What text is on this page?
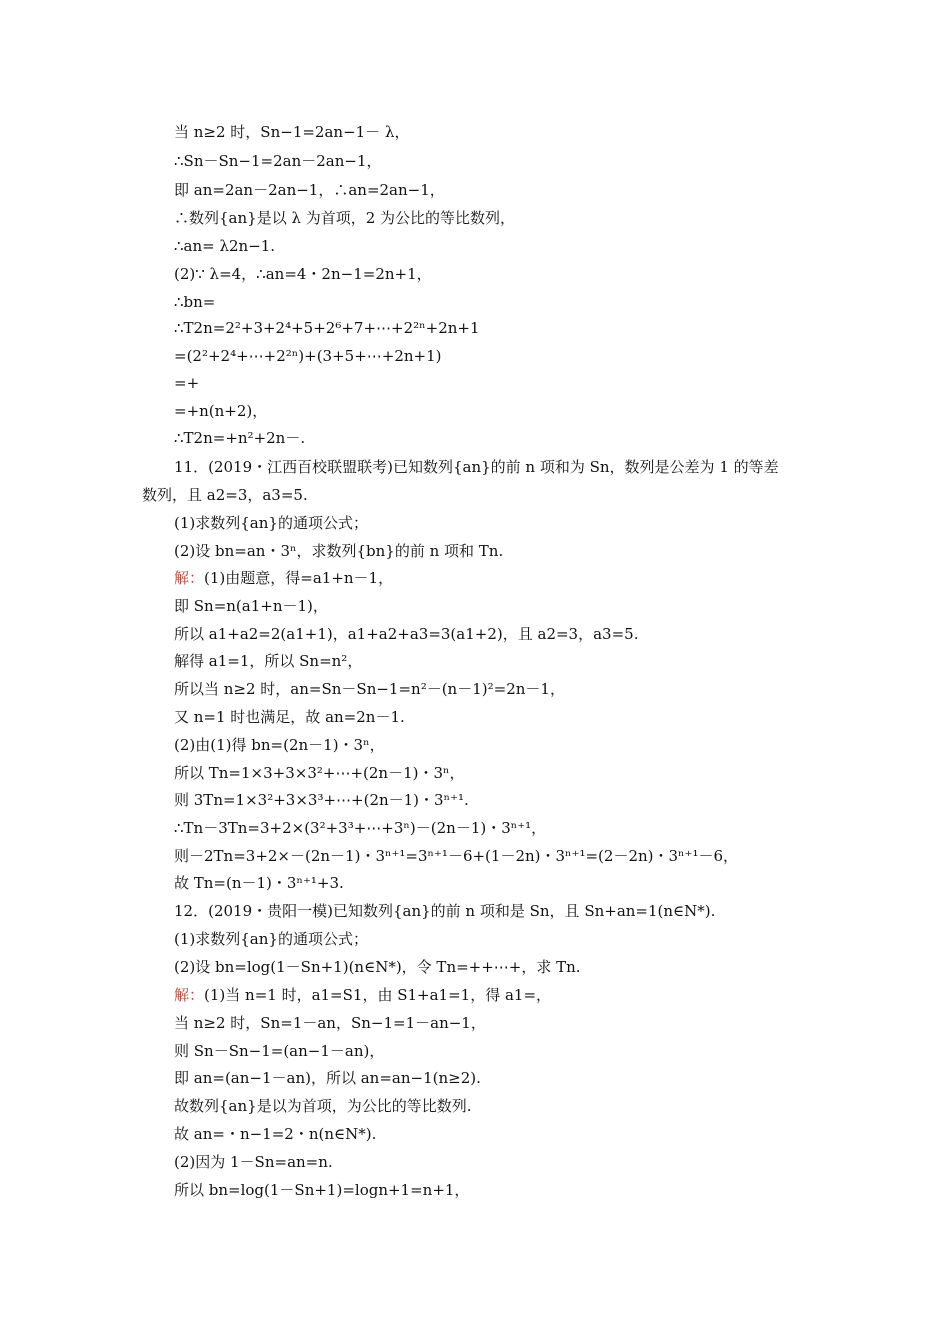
当 n≥2 时，Sn−1=2an−1－ λ，
∴Sn－Sn−1=2an－2an−1，
即 an=2an－2an−1，∴an=2an−1，
∴数列{an}是以 λ 为首项，2 为公比的等比数列，
∴an= λ2n−1.
(2)∵ λ=4，∴an=4・2n−1=2n+1，
∴bn=
∴T2n=2²+3+2⁴+5+2⁶+7+⋯+2²ⁿ+2n+1
=(2²+2⁴+⋯+2²ⁿ)+(3+5+⋯+2n+1)
=+
=+n(n+2)，
∴T2n=+n²+2n－.
11．(2019・江西百校联盟联考)已知数列{an}的前 n 项和为 Sn，数列是公差为 1 的等差
数列，且 a2=3，a3=5.
(1)求数列{an}的通项公式；
(2)设 bn=an・3ⁿ，求数列{bn}的前 n 项和 Tn.
解：(1)由题意，得=a1+n－1，
即 Sn=n(a1+n－1)，
所以 a1+a2=2(a1+1)，a1+a2+a3=3(a1+2)，且 a2=3，a3=5.
解得 a1=1，所以 Sn=n²，
所以当 n≥2 时，an=Sn－Sn−1=n²－(n－1)²=2n－1，
又 n=1 时也满足，故 an=2n－1.
(2)由(1)得 bn=(2n－1)・3ⁿ，
所以 Tn=1×3+3×3²+⋯+(2n－1)・3ⁿ，
则 3Tn=1×3²+3×3³+⋯+(2n－1)・3ⁿ⁺¹.
∴Tn－3Tn=3+2×(3²+3³+⋯+3ⁿ)－(2n－1)・3ⁿ⁺¹，
则－2Tn=3+2×－(2n－1)・3ⁿ⁺¹=3ⁿ⁺¹－6+(1－2n)・3ⁿ⁺¹=(2－2n)・3ⁿ⁺¹－6，
故 Tn=(n－1)・3ⁿ⁺¹+3.
12．(2019・贵阳一模)已知数列{an}的前 n 项和是 Sn，且 Sn+an=1(n∈N*).
(1)求数列{an}的通项公式；
(2)设 bn=log(1－Sn+1)(n∈N*)，令 Tn=++⋯+，求 Tn.
解：(1)当 n=1 时，a1=S1，由 S1+a1=1，得 a1=，
当 n≥2 时，Sn=1－an，Sn−1=1－an−1，
则 Sn－Sn−1=(an−1－an)，
即 an=(an−1－an)，所以 an=an−1(n≥2).
故数列{an}是以为首项，为公比的等比数列.
故 an=・n−1=2・n(n∈N*).
(2)因为 1－Sn=an=n.
所以 bn=log(1－Sn+1)=logn+1=n+1，
